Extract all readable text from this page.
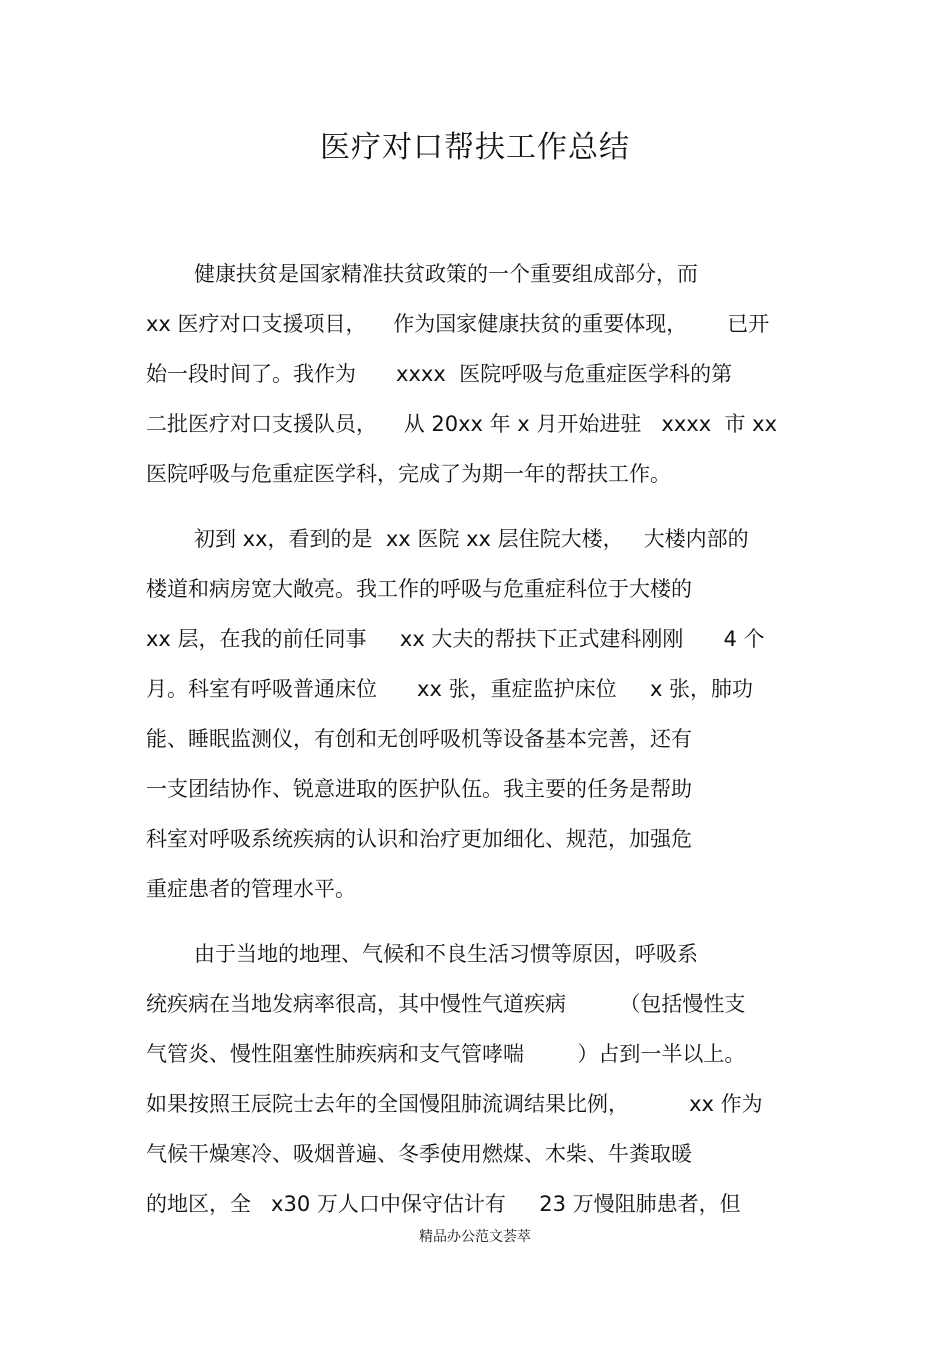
医疗对口帮扶工作总结
健康扶贫是国家精准扶贫政策的一个重要组成部分，而
xx 医疗对口支援项目，    作为国家健康扶贫的重要体现，      已开
始一段时间了。我作为      xxxx  医院呼吸与危重症医学科的第
二批医疗对口支援队员，    从 20xx 年 x 月开始进驻   xxxx  市 xx
医院呼吸与危重症医学科，完成了为期一年的帮扶工作。
初到 xx，看到的是  xx 医院 xx 层住院大楼，   大楼内部的
楼道和病房宽大敞亮。我工作的呼吸与危重症科位于大楼的
xx 层，在我的前任同事     xx 大夫的帮扶下正式建科刚刚      4 个
月。科室有呼吸普通床位      xx 张，重症监护床位     x 张，肺功
能、睡眠监测仪，有创和无创呼吸机等设备基本完善，还有
一支团结协作、锐意进取的医护队伍。我主要的任务是帮助
科室对呼吸系统疾病的认识和治疗更加细化、规范，加强危
重症患者的管理水平。
由于当地的地理、气候和不良生活习惯等原因，呼吸系
统疾病在当地发病率很高，其中慢性气道疾病        （包括慢性支
气管炎、慢性阻塞性肺疾病和支气管哮喘        ）占到一半以上。
如果按照王辰院士去年的全国慢阻肺流调结果比例，         xx 作为
气候干燥寒冷、吸烟普遍、冬季使用燃煤、木柴、牛粪取暖
的地区，全   x30 万人口中保守估计有     23 万慢阻肺患者，但
精品办公范文荟萃
